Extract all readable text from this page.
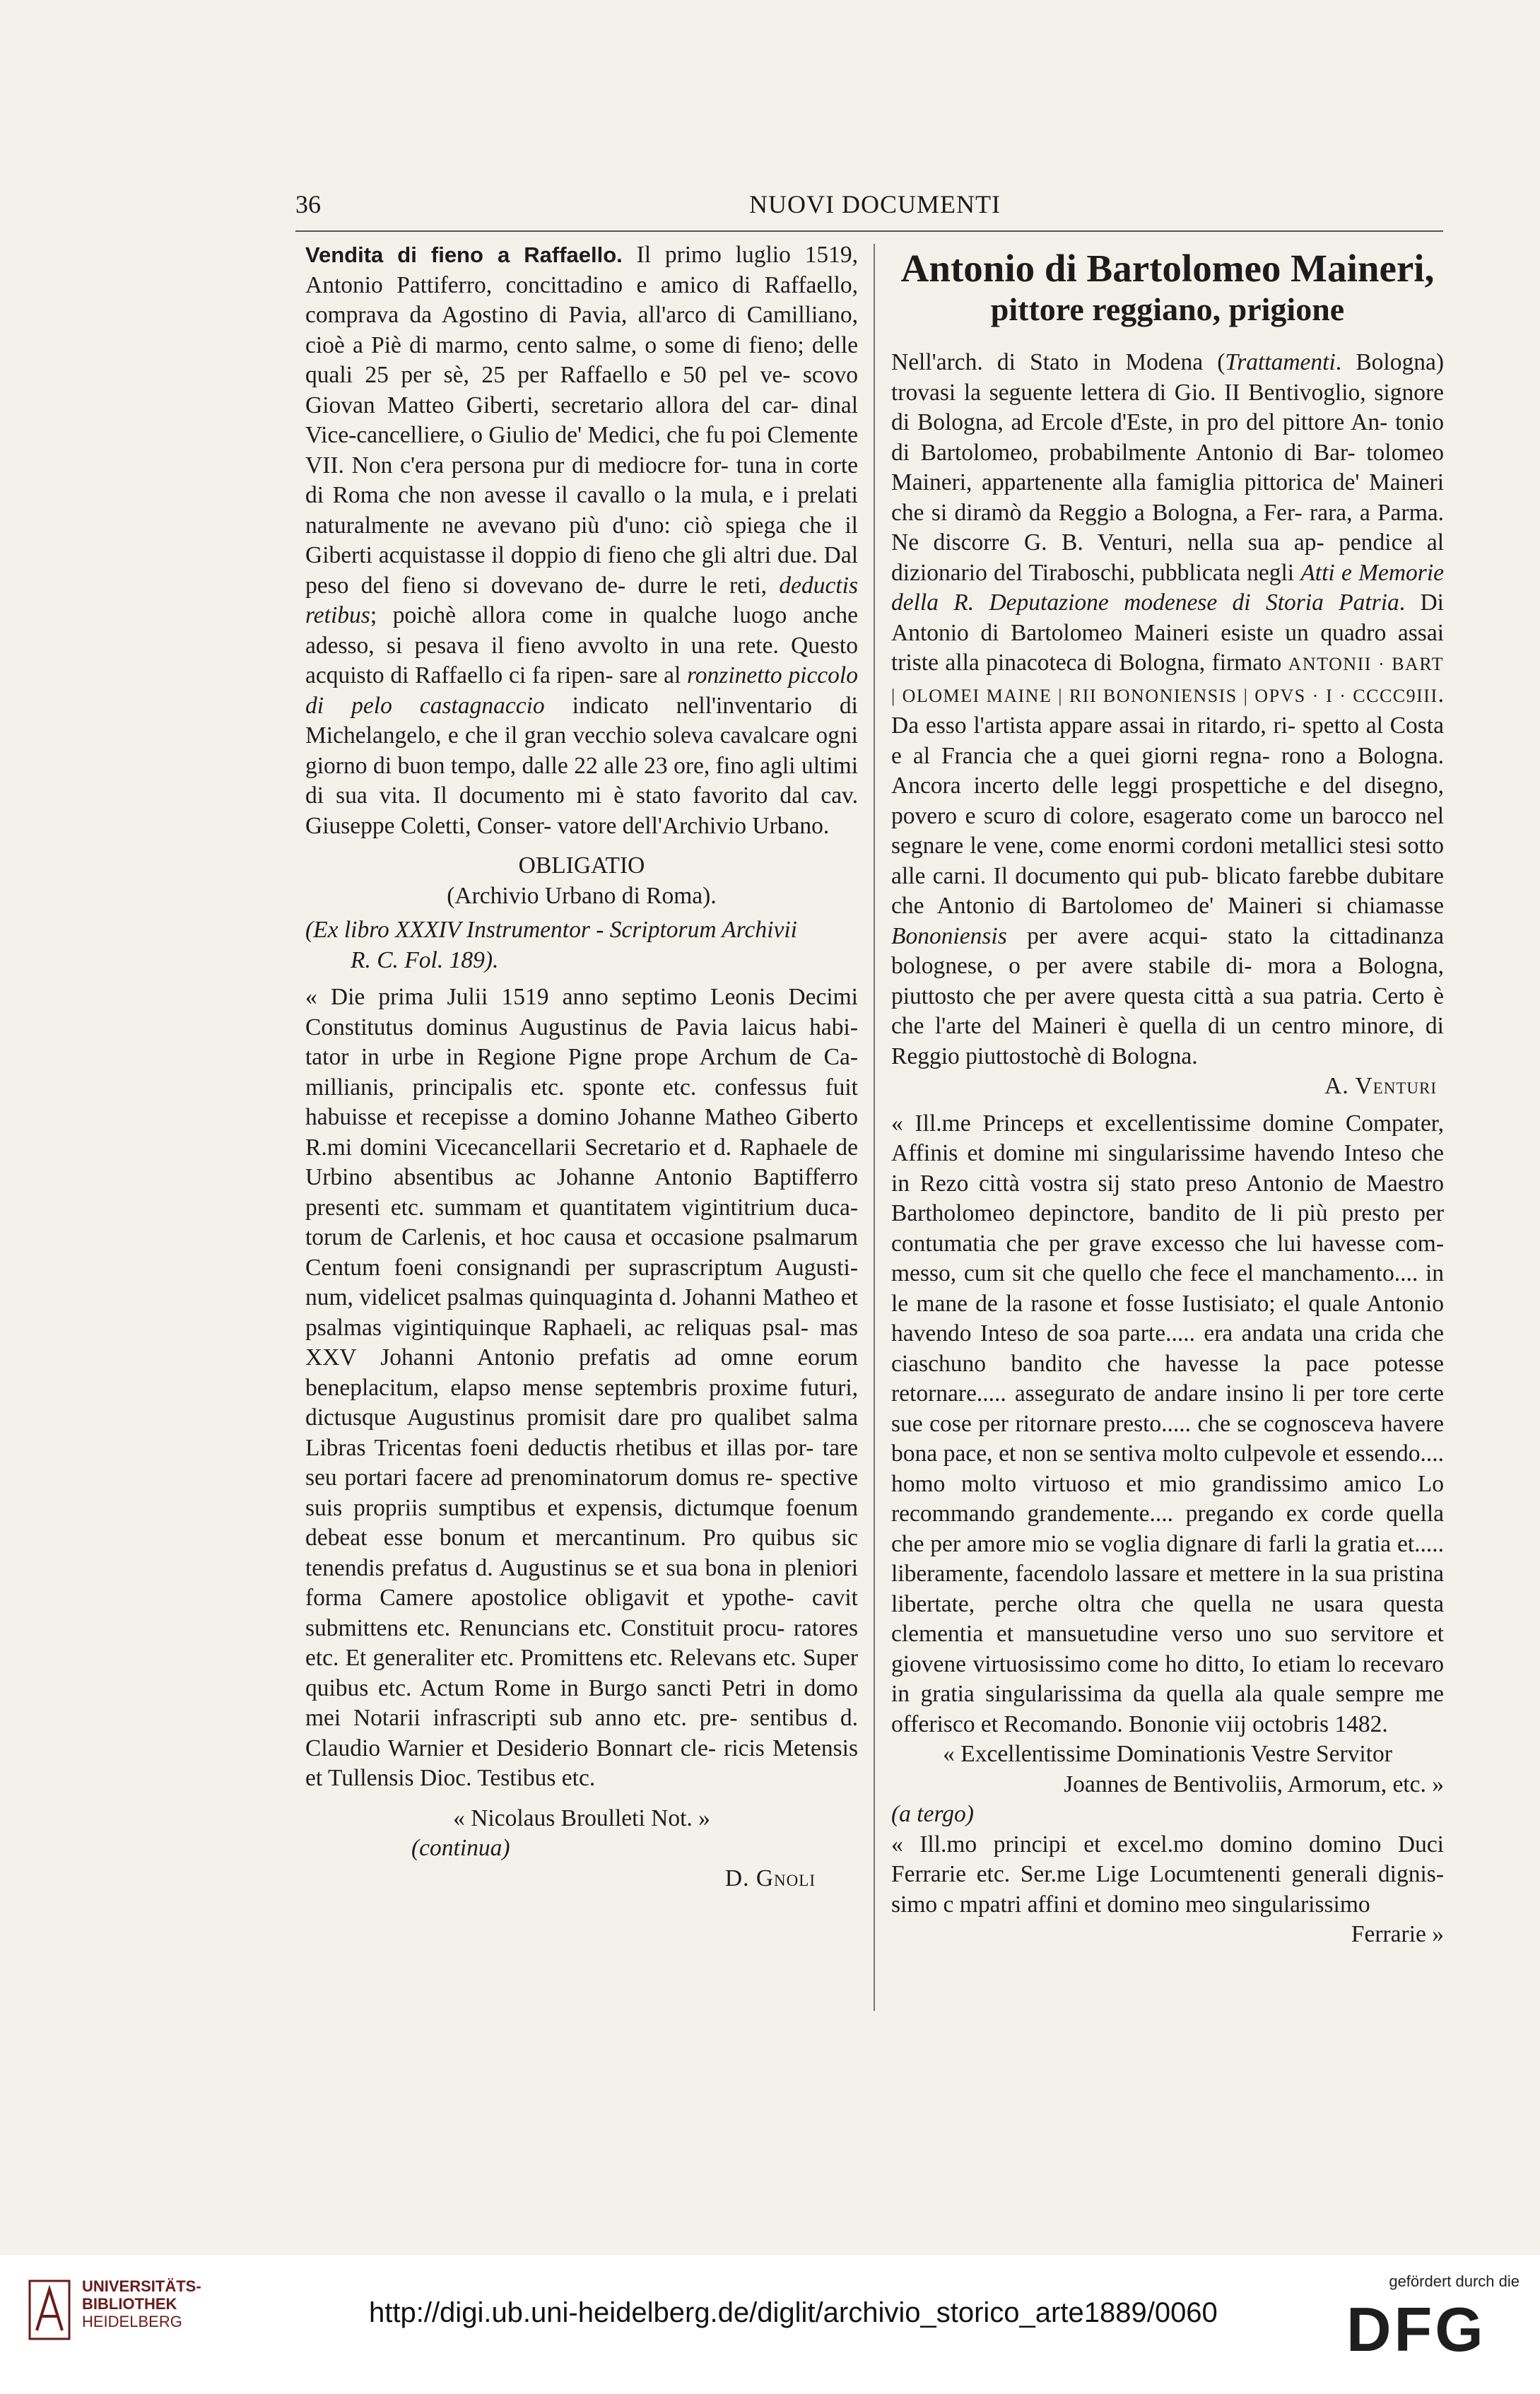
36	NUOVI DOCUMENTI
Vendita di fieno a Raffaello. Il primo luglio 1519, Antonio Pattiferro, concittadino e amico di Raffaello, comprava da Agostino di Pavia, all'arco di Camilliano, cioè a Piè di marmo, cento salme, o some di fieno; delle quali 25 per sè, 25 per Raffaello e 50 pel ve- scovo Giovan Matteo Giberti, secretario allora del car- dinal Vice-cancelliere, o Giulio de' Medici, che fu poi Clemente VII. Non c'era persona pur di mediocre for- tuna in corte di Roma che non avesse il cavallo o la mula, e i prelati naturalmente ne avevano più d'uno: ciò spiega che il Giberti acquistasse il doppio di fieno che gli altri due. Dal peso del fieno si dovevano de- durre le reti, deductis retibus; poichè allora come in qualche luogo anche adesso, si pesava il fieno avvolto in una rete. Questo acquisto di Raffaello ci fa ripen- sare al ronzinetto piccolo di pelo castagnaccio indicato nell'inventario di Michelangelo, e che il gran vecchio soleva cavalcare ogni giorno di buon tempo, dalle 22 alle 23 ore, fino agli ultimi di sua vita. Il documento mi è stato favorito dal cav. Giuseppe Coletti, Conser- vatore dell'Archivio Urbano.
OBLIGATIO
(Archivio Urbano di Roma).
(Ex libro XXXIV Instrumentor - Scriptorum Archivii
R. C. Fol. 189).
« Die prima Julii 1519 anno septimo Leonis Decimi Constitutus dominus Augustinus de Pavia laicus habi- tator in urbe in Regione Pigne prope Archum de Ca- millianis, principalis etc. sponte etc. confessus fuit habuisse et recepisse a domino Johanne Matheo Giberto R.mi domini Vicecancellarii Secretario et d. Raphaele de Urbino absentibus ac Johanne Antonio Baptifferro presenti etc. summam et quantitatem vigintitrium duca- torum de Carlenis, et hoc causa et occasione psalmarum Centum foeni consignandi per suprascriptum Augusti- num, videlicet psalmas quinquaginta d. Johanni Matheo et psalmas vigintiquinque Raphaeli, ac reliquas psal- mas XXV Johanni Antonio prefatis ad omne eorum beneplacitum, elapso mense septembris proxime futuri, dictusque Augustinus promisit dare pro qualibet salma Libras Tricentas foeni deductis rhetibus et illas por- tare seu portari facere ad prenominatorum domus re- spective suis propriis sumptibus et expensis, dictumque foenum debeat esse bonum et mercantinum. Pro quibus sic tenendis prefatus d. Augustinus se et sua bona in pleniori forma Camere apostolice obligavit et ypothe- cavit submittens etc. Renuncians etc. Constituit procu- ratores etc. Et generaliter etc. Promittens etc. Relevans etc. Super quibus etc. Actum Rome in Burgo sancti Petri in domo mei Notarii infrascripti sub anno etc. pre- sentibus d. Claudio Warnier et Desiderio Bonnart cle- ricis Metensis et Tullensis Dioc. Testibus etc.
« Nicolaus Broulleti Not. »
(continua)
D. Gnoli
Antonio di Bartolomeo Maineri,
pittore reggiano, prigione
Nell'arch. di Stato in Modena (Trattamenti. Bologna) trovasi la seguente lettera di Gio. II Bentivoglio, signore di Bologna, ad Ercole d'Este, in pro del pittore An- tonio di Bartolomeo, probabilmente Antonio di Bar- tolomeo Maineri, appartenente alla famiglia pittorica de' Maineri che si diramò da Reggio a Bologna, a Fer- rara, a Parma. Ne discorre G. B. Venturi, nella sua ap- pendice al dizionario del Tiraboschi, pubblicata negli Atti e Memorie della R. Deputazione modenese di Storia Patria. Di Antonio di Bartolomeo Maineri esiste un quadro assai triste alla pinacoteca di Bologna, firmato ANTONII · BART | OLOMEI MAINE | RII BONONIENSIS | OPVS · I · CCCC9III. Da esso l'artista appare assai in ritardo, ri- spetto al Costa e al Francia che a quei giorni regna- rono a Bologna. Ancora incerto delle leggi prospettiche e del disegno, povero e scuro di colore, esagerato come un barocco nel segnare le vene, come enormi cordoni metallici stesi sotto alle carni. Il documento qui pub- blicato farebbe dubitare che Antonio di Bartolomeo de' Maineri si chiamasse Bononiensis per avere acqui- stato la cittadinanza bolognese, o per avere stabile di- mora a Bologna, piuttosto che per avere questa città a sua patria. Certo è che l'arte del Maineri è quella di un centro minore, di Reggio piuttostochè di Bologna.
A. Venturi
« Ill.me Princeps et excellentissime domine Compater, Affinis et domine mi singularissime havendo Inteso che in Rezo città vostra sij stato preso Antonio de Maestro Bartholomeo depinctore, bandito de li più presto per contumatia che per grave excesso che lui havesse com- messo, cum sit che quello che fece el manchamento.... in le mane de la rasone et fosse Iustisiato; el quale Antonio havendo Inteso de soa parte..... era andata una crida che ciaschuno bandito che havesse la pace potesse retornare..... assegurato de andare insino li per tore certe sue cose per ritornare presto..... che se cognosceva havere bona pace, et non se sentiva molto culpevole et essendo.... homo molto virtuoso et mio grandissimo amico Lo recommando grandemente.... pregando ex corde quella che per amore mio se voglia dignare di farli la gratia et..... liberamente, facendolo lassare et mettere in la sua pristina libertate, perche oltra che quella ne usara questa clementia et mansuetudine verso uno suo servitore et giovene virtuosissimo come ho ditto, Io etiam lo recevaro in gratia singularissima da quella ala quale sempre me offerisco et Recomando. Bononie viij octobris 1482.
« Excellentissime Dominationis Vestre Servitor
Joannes de Bentivoliis, Armorum, etc. »
(a tergo)
« Ill.mo principi et excel.mo domino domino Duci Ferrarie etc. Ser.me Lige Locumtenenti generali dignis- simo c mpatri affini et domino meo singularissimo
Ferrarie »
UNIVERSITÄTS-
BIBLIOTHEK
HEIDELBERG	http://digi.ub.uni-heidelberg.de/diglit/archivio_storico_arte1889/0060
gefördert durch die
DFG
